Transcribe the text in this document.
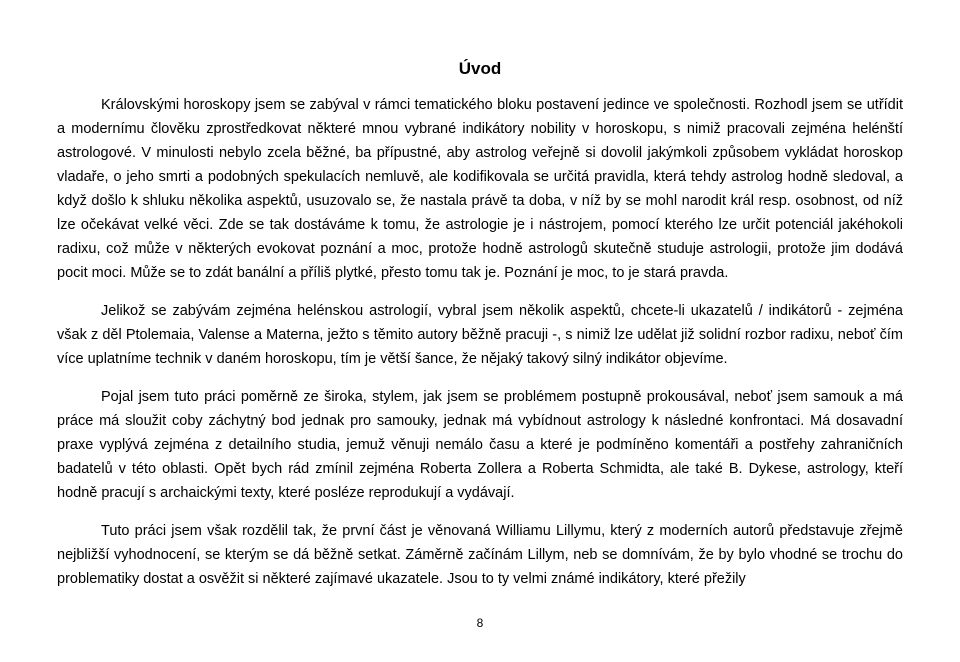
Úvod

Královskými horoskopy jsem se zabýval v rámci tematického bloku postavení jedince ve společnosti. Rozhodl jsem se utřídit a modernímu člověku zprostředkovat některé mnou vybrané indikátory nobility v horoskopu, s nimiž pracovali zejména helénští astrologové. V minulosti nebylo zcela běžné, ba přípustné, aby astrolog veřejně si dovolil jakýmkoli způsobem vykládat horoskop vladaře, o jeho smrti a podobných spekulacích nemluvě, ale kodifikovala se určitá pravidla, která tehdy astrolog hodně sledoval, a když došlo k shluku několika aspektů, usuzovalo se, že nastala právě ta doba, v níž by se mohl narodit král resp. osobnost, od níž lze očekávat velké věci. Zde se tak dostáváme k tomu, že astrologie je i nástrojem, pomocí kterého lze určit potenciál jakéhokoli radixu, což může v některých evokovat poznání a moc, protože hodně astrologů skutečně studuje astrologii, protože jim dodává pocit moci. Může se to zdát banální a příliš plytké, přesto tomu tak je. Poznání je moc, to je stará pravda.

Jelikož se zabývám zejména helénskou astrologií, vybral jsem několik aspektů, chcete-li ukazatelů / indikátorů - zejména však z děl Ptolemaia, Valense a Materna, ježto s těmito autory běžně pracuji -, s nimiž lze udělat již solidní rozbor radixu, neboť čím více uplatníme technik v daném horoskopu, tím je větší šance, že nějaký takový silný indikátor objevíme.

Pojal jsem tuto práci poměrně ze široka, stylem, jak jsem se problémem postupně prokousával, neboť jsem samouk a má práce má sloužit coby záchytný bod jednak pro samouky, jednak má vybídnout astrology k následné konfrontaci. Má dosavadní praxe vyplývá zejména z detailního studia, jemuž věnuji nemálo času a které je podmíněno komentáři a postřehy zahraničních badatelů v této oblasti. Opět bych rád zmínil zejména Roberta Zollera a Roberta Schmidta, ale také B. Dykese, astrology, kteří hodně pracují s archaickými texty, které posléze reprodukují a vydávají.

Tuto práci jsem však rozdělil tak, že první část je věnovaná Williamu Lillymu, který z moderních autorů představuje zřejmě nejbližší vyhodnocení, se kterým se dá běžně setkat. Záměrně začínám Lillym, neb se domnívám, že by bylo vhodné se trochu do problematiky dostat a osvěžit si některé zajímavé ukazatele. Jsou to ty velmi známé indikátory, které přežily

8
